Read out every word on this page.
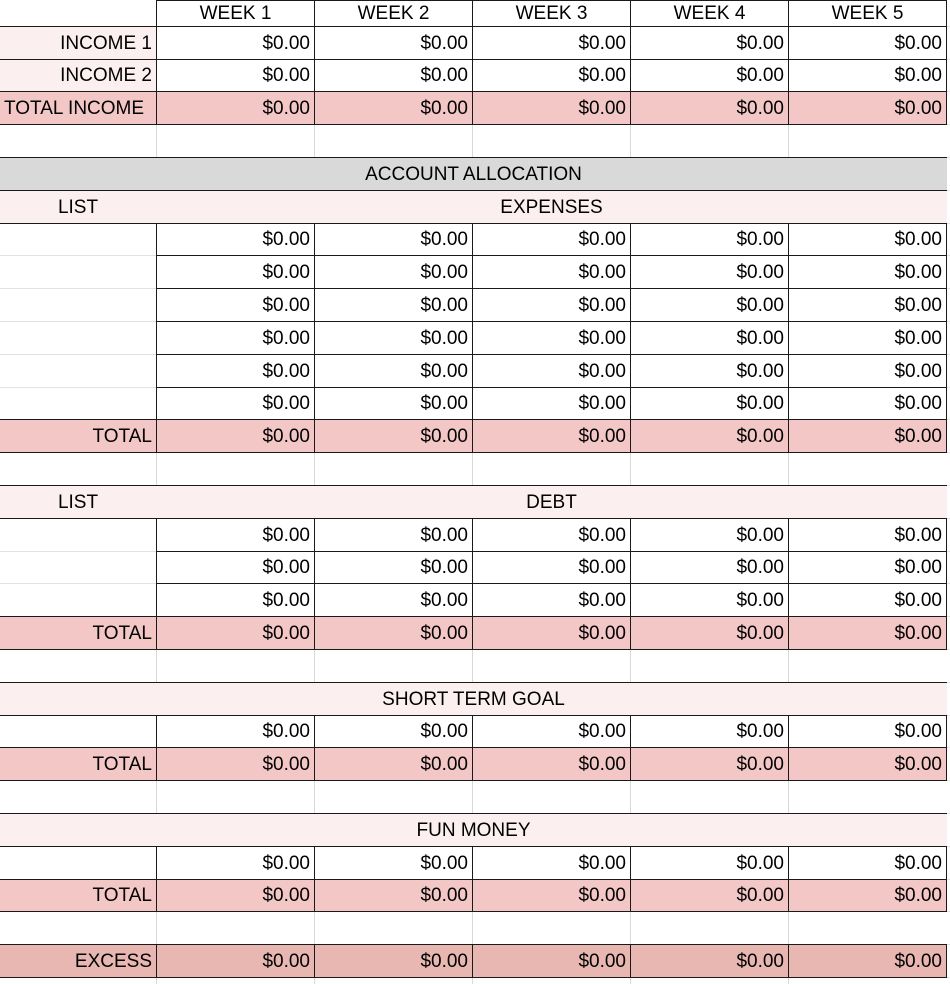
WEEK 1	WEEK 2	WEEK 3	WEEK 4	WEEK 5
INCOME 1	$0.00	$0.00	$0.00	$0.00	$0.00
INCOME 2	$0.00	$0.00	$0.00	$0.00	$0.00
TOTAL INCOME	$0.00	$0.00	$0.00	$0.00	$0.00
ACCOUNT ALLOCATION
LIST	EXPENSES
$0.00	$0.00	$0.00	$0.00	$0.00
$0.00	$0.00	$0.00	$0.00	$0.00
$0.00	$0.00	$0.00	$0.00	$0.00
$0.00	$0.00	$0.00	$0.00	$0.00
$0.00	$0.00	$0.00	$0.00	$0.00
$0.00	$0.00	$0.00	$0.00	$0.00
TOTAL	$0.00	$0.00	$0.00	$0.00	$0.00
LIST	DEBT
$0.00	$0.00	$0.00	$0.00	$0.00
$0.00	$0.00	$0.00	$0.00	$0.00
$0.00	$0.00	$0.00	$0.00	$0.00
TOTAL	$0.00	$0.00	$0.00	$0.00	$0.00
SHORT TERM GOAL
$0.00	$0.00	$0.00	$0.00	$0.00
TOTAL	$0.00	$0.00	$0.00	$0.00	$0.00
FUN MONEY
$0.00	$0.00	$0.00	$0.00	$0.00
TOTAL	$0.00	$0.00	$0.00	$0.00	$0.00
EXCESS	$0.00	$0.00	$0.00	$0.00	$0.00
